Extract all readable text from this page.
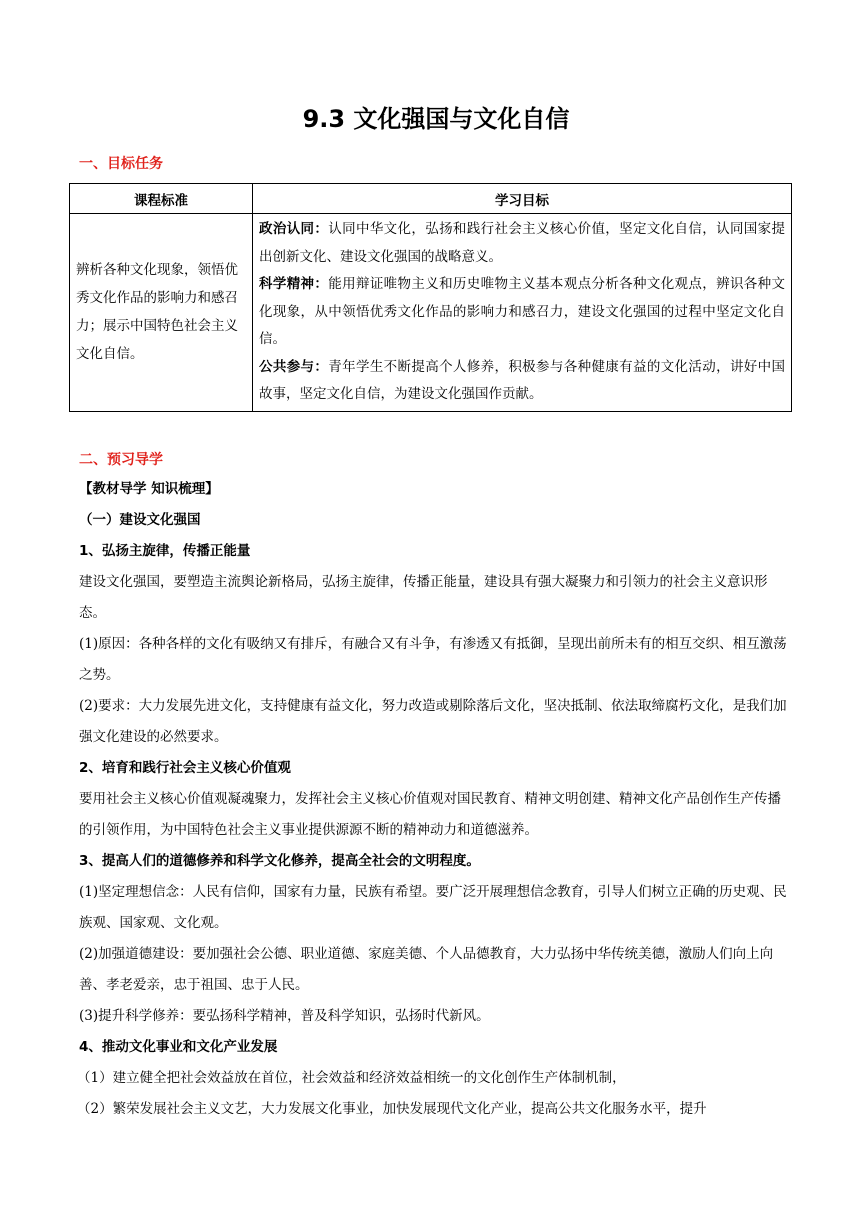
9.3 文化强国与文化自信
一、目标任务
课程标准	学习目标
辨析各种文化现象，领悟优秀文化作品的影响力和感召力；展示中国特色社会主义文化自信。	政治认同：认同中华文化，弘扬和践行社会主义核心价值，坚定文化自信，认同国家提出创新文化、建设文化强国的战略意义。

科学精神：能用辩证唯物主义和历史唯物主义基本观点分析各种文化观点，辨识各种文化现象，从中领悟优秀文化作品的影响力和感召力，建设文化强国的过程中坚定文化自信。

公共参与：青年学生不断提高个人修养，积极参与各种健康有益的文化活动，讲好中国故事，坚定文化自信，为建设文化强国作贡献。

二、预习导学

【教材导学 知识梳理】

（一）建设文化强国

1、弘扬主旋律，传播正能量

建设文化强国，要塑造主流舆论新格局，弘扬主旋律，传播正能量，建设具有强大凝聚力和引领力的社会主义意识形态。

(1)原因：各种各样的文化有吸纳又有排斥，有融合又有斗争，有渗透又有抵御，呈现出前所未有的相互交织、相互激荡之势。

(2)要求：大力发展先进文化，支持健康有益文化，努力改造或剔除落后文化，坚决抵制、依法取缔腐朽文化，是我们加强文化建设的必然要求。

2、培育和践行社会主义核心价值观

要用社会主义核心价值观凝魂聚力，发挥社会主义核心价值观对国民教育、精神文明创建、精神文化产品创作生产传播的引领作用，为中国特色社会主义事业提供源源不断的精神动力和道德滋养。

3、提高人们的道德修养和科学文化修养，提高全社会的文明程度。

(1)坚定理想信念：人民有信仰，国家有力量，民族有希望。要广泛开展理想信念教育，引导人们树立正确的历史观、民族观、国家观、文化观。

(2)加强道德建设：要加强社会公德、职业道德、家庭美德、个人品德教育，大力弘扬中华传统美德，激励人们向上向善、孝老爱亲，忠于祖国、忠于人民。

(3)提升科学修养：要弘扬科学精神，普及科学知识，弘扬时代新风。

4、推动文化事业和文化产业发展

（1）建立健全把社会效益放在首位，社会效益和经济效益相统一的文化创作生产体制机制，

（2）繁荣发展社会主义文艺，大力发展文化事业，加快发展现代文化产业，提高公共文化服务水平，提升
